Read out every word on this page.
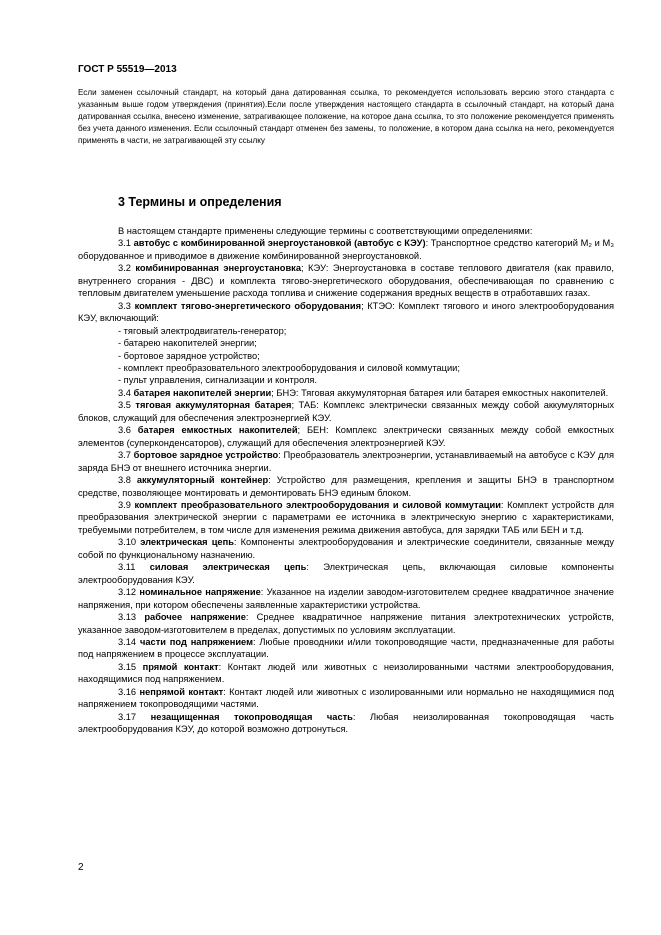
ГОСТ Р 55519—2013

Если заменен ссылочный стандарт, на который дана датированная ссылка, то рекомендуется использовать версию этого стандарта с указанным выше годом утверждения (принятия).Если после утверждения настоящего стандарта в ссылочный стандарт, на который дана датированная ссылка, внесено изменение, затрагивающее положение, на которое дана ссылка, то это положение рекомендуется применять без учета данного изменения. Если ссылочный стандарт отменен без замены, то положение, в котором дана ссылка на него, рекомендуется применять в части, не затрагивающей эту ссылку

3 Термины и определения

В настоящем стандарте применены следующие термины с соответствующими определениями:

3.1 автобус с комбинированной энергоустановкой (автобус с КЭУ): Транспортное средство категорий M₂ и M₃ оборудованное и приводимое в движение комбинированной энергоустановкой.

3.2 комбинированная энергоустановка; КЭУ: Энергоустановка в составе теплового двигателя (как правило, внутреннего сгорания - ДВС) и комплекта тягово-энергетического оборудования, обеспечивающая по сравнению с тепловым двигателем уменьшение расхода топлива и снижение содержания вредных веществ в отработавших газах.

3.3 комплект тягово-энергетического оборудования; КТЭО: Комплект тягового и иного электрооборудования КЭУ, включающий:

- тяговый электродвигатель-генератор;

- батарею накопителей энергии;

- бортовое зарядное устройство;

- комплект преобразовательного электрооборудования и силовой коммутации;

- пульт управления, сигнализации и контроля.

3.4 батарея накопителей энергии; БНЭ: Тяговая аккумуляторная батарея или батарея емкостных накопителей.

3.5 тяговая аккумуляторная батарея; ТАБ: Комплекс электрически связанных между собой аккумуляторных блоков, служащий для обеспечения электроэнергией КЭУ.

3.6 батарея емкостных накопителей; БЕН: Комплекс электрически связанных между собой емкостных элементов (суперконденсаторов), служащий для обеспечения электроэнергией КЭУ.

3.7 бортовое зарядное устройство: Преобразователь электроэнергии, устанавливаемый на автобусе с КЭУ для заряда БНЭ от внешнего источника энергии.

3.8 аккумуляторный контейнер: Устройство для размещения, крепления и защиты БНЭ в транспортном средстве, позволяющее монтировать и демонтировать БНЭ единым блоком.

3.9 комплект преобразовательного электрооборудования и силовой коммутации: Комплект устройств для преобразования электрической энергии с параметрами ее источника в электрическую энергию с характеристиками, требуемыми потребителем, в том числе для изменения режима движения автобуса, для зарядки ТАБ или БЕН и т.д.

3.10 электрическая цепь: Компоненты электрооборудования и электрические соединители, связанные между собой по функциональному назначению.

3.11 силовая электрическая цепь: Электрическая цепь, включающая силовые компоненты электрооборудования КЭУ.

3.12 номинальное напряжение: Указанное на изделии заводом-изготовителем среднее квадратичное значение напряжения, при котором обеспечены заявленные характеристики устройства.

3.13 рабочее напряжение: Среднее квадратичное напряжение питания электротехнических устройств, указанное заводом-изготовителем в пределах, допустимых по условиям эксплуатации.

3.14 части под напряжением: Любые проводники и/или токопроводящие части, предназначенные для работы под напряжением в процессе эксплуатации.

3.15 прямой контакт: Контакт людей или животных с неизолированными частями электрооборудования, находящимися под напряжением.

3.16 непрямой контакт: Контакт людей или животных с изолированными или нормально не находящимися под напряжением токопроводящими частями.

3.17 незащищенная токопроводящая часть: Любая неизолированная токопроводящая часть электрооборудования КЭУ, до которой возможно дотронуться.

2
